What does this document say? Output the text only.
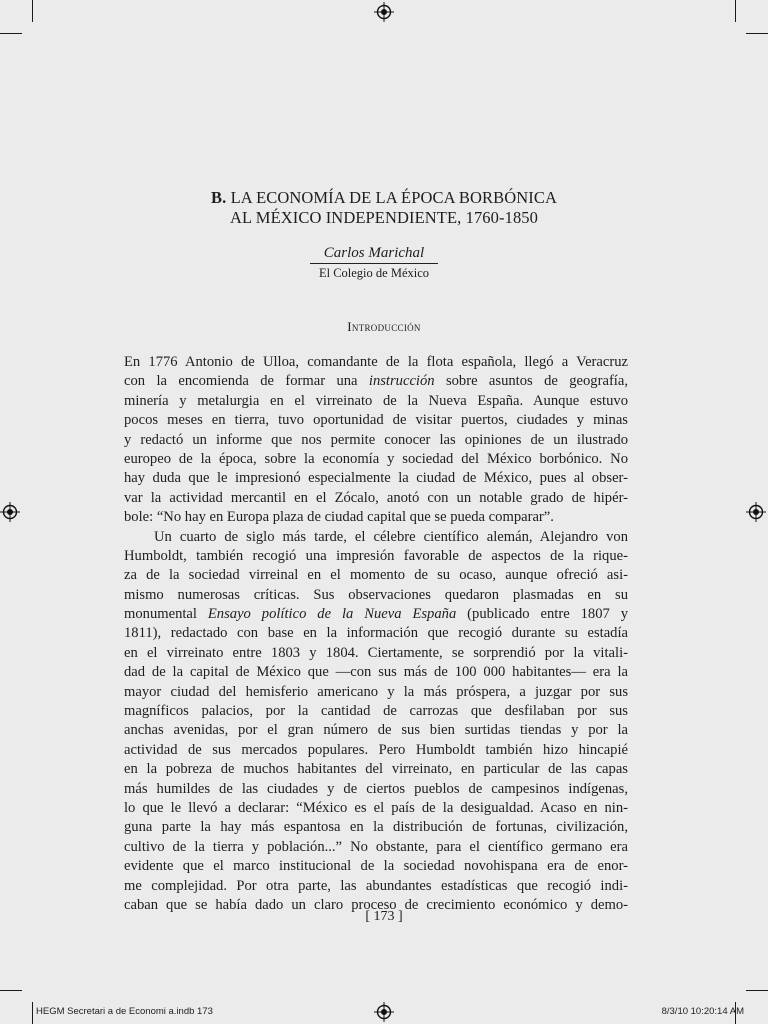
B. LA ECONOMÍA DE LA ÉPOCA BORBÓNICA
AL MÉXICO INDEPENDIENTE, 1760-1850
Carlos Marichal
El Colegio de México
Introducción
En 1776 Antonio de Ulloa, comandante de la flota española, llegó a Veracruz
con la encomienda de formar una instrucción sobre asuntos de geografía,
minería y metalurgia en el virreinato de la Nueva España. Aunque estuvo
pocos meses en tierra, tuvo oportunidad de visitar puertos, ciudades y minas
y redactó un informe que nos permite conocer las opiniones de un ilustrado
europeo de la época, sobre la economía y sociedad del México borbónico. No
hay duda que le impresionó especialmente la ciudad de México, pues al obser-
var la actividad mercantil en el Zócalo, anotó con un notable grado de hipér-
bole: “No hay en Europa plaza de ciudad capital que se pueda comparar”.
Un cuarto de siglo más tarde, el célebre científico alemán, Alejandro von
Humboldt, también recogió una impresión favorable de aspectos de la rique-
za de la sociedad virreinal en el momento de su ocaso, aunque ofreció asi-
mismo numerosas críticas. Sus observaciones quedaron plasmadas en su
monumental Ensayo político de la Nueva España (publicado entre 1807 y
1811), redactado con base en la información que recogió durante su estadía
en el virreinato entre 1803 y 1804. Ciertamente, se sorprendió por la vitali-
dad de la capital de México que —con sus más de 100 000 habitantes— era la
mayor ciudad del hemisferio americano y la más próspera, a juzgar por sus
magníficos palacios, por la cantidad de carrozas que desfilaban por sus
anchas avenidas, por el gran número de sus bien surtidas tiendas y por la
actividad de sus mercados populares. Pero Humboldt también hizo hincapié
en la pobreza de muchos habitantes del virreinato, en particular de las capas
más humildes de las ciudades y de ciertos pueblos de campesinos indígenas,
lo que le llevó a declarar: “México es el país de la desigualdad. Acaso en nin-
guna parte la hay más espantosa en la distribución de fortunas, civilización,
cultivo de la tierra y población...” No obstante, para el científico germano era
evidente que el marco institucional de la sociedad novohispana era de enor-
me complejidad. Por otra parte, las abundantes estadísticas que recogió indi-
caban que se había dado un claro proceso de crecimiento económico y demo-
[ 173 ]
HEGM Secretari a de Economi a.indb 173	8/3/10 10:20:14 AM
